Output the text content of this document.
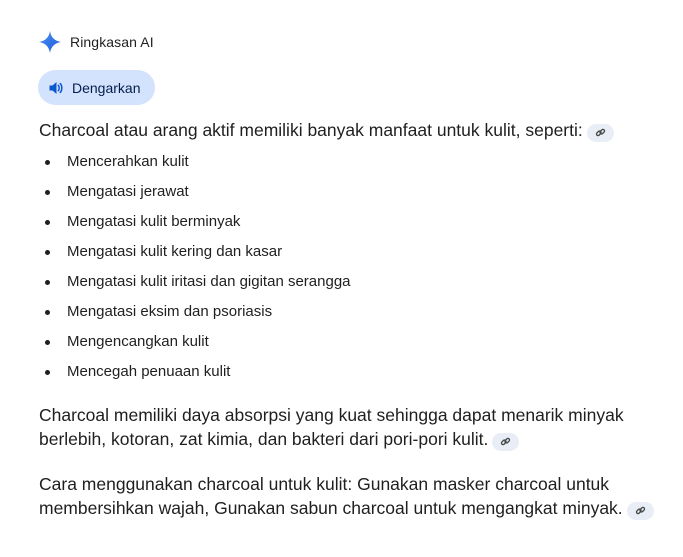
Ringkasan AI
Dengarkan

Charcoal atau arang aktif memiliki banyak manfaat untuk kulit, seperti:

Mencerahkan kulit
Mengatasi jerawat
Mengatasi kulit berminyak
Mengatasi kulit kering dan kasar
Mengatasi kulit iritasi dan gigitan serangga
Mengatasi eksim dan psoriasis
Mengencangkan kulit
Mencegah penuaan kulit

Charcoal memiliki daya absorpsi yang kuat sehingga dapat menarik minyak berlebih, kotoran, zat kimia, dan bakteri dari pori-pori kulit.

Cara menggunakan charcoal untuk kulit: Gunakan masker charcoal untuk membersihkan wajah, Gunakan sabun charcoal untuk mengangkat minyak.
